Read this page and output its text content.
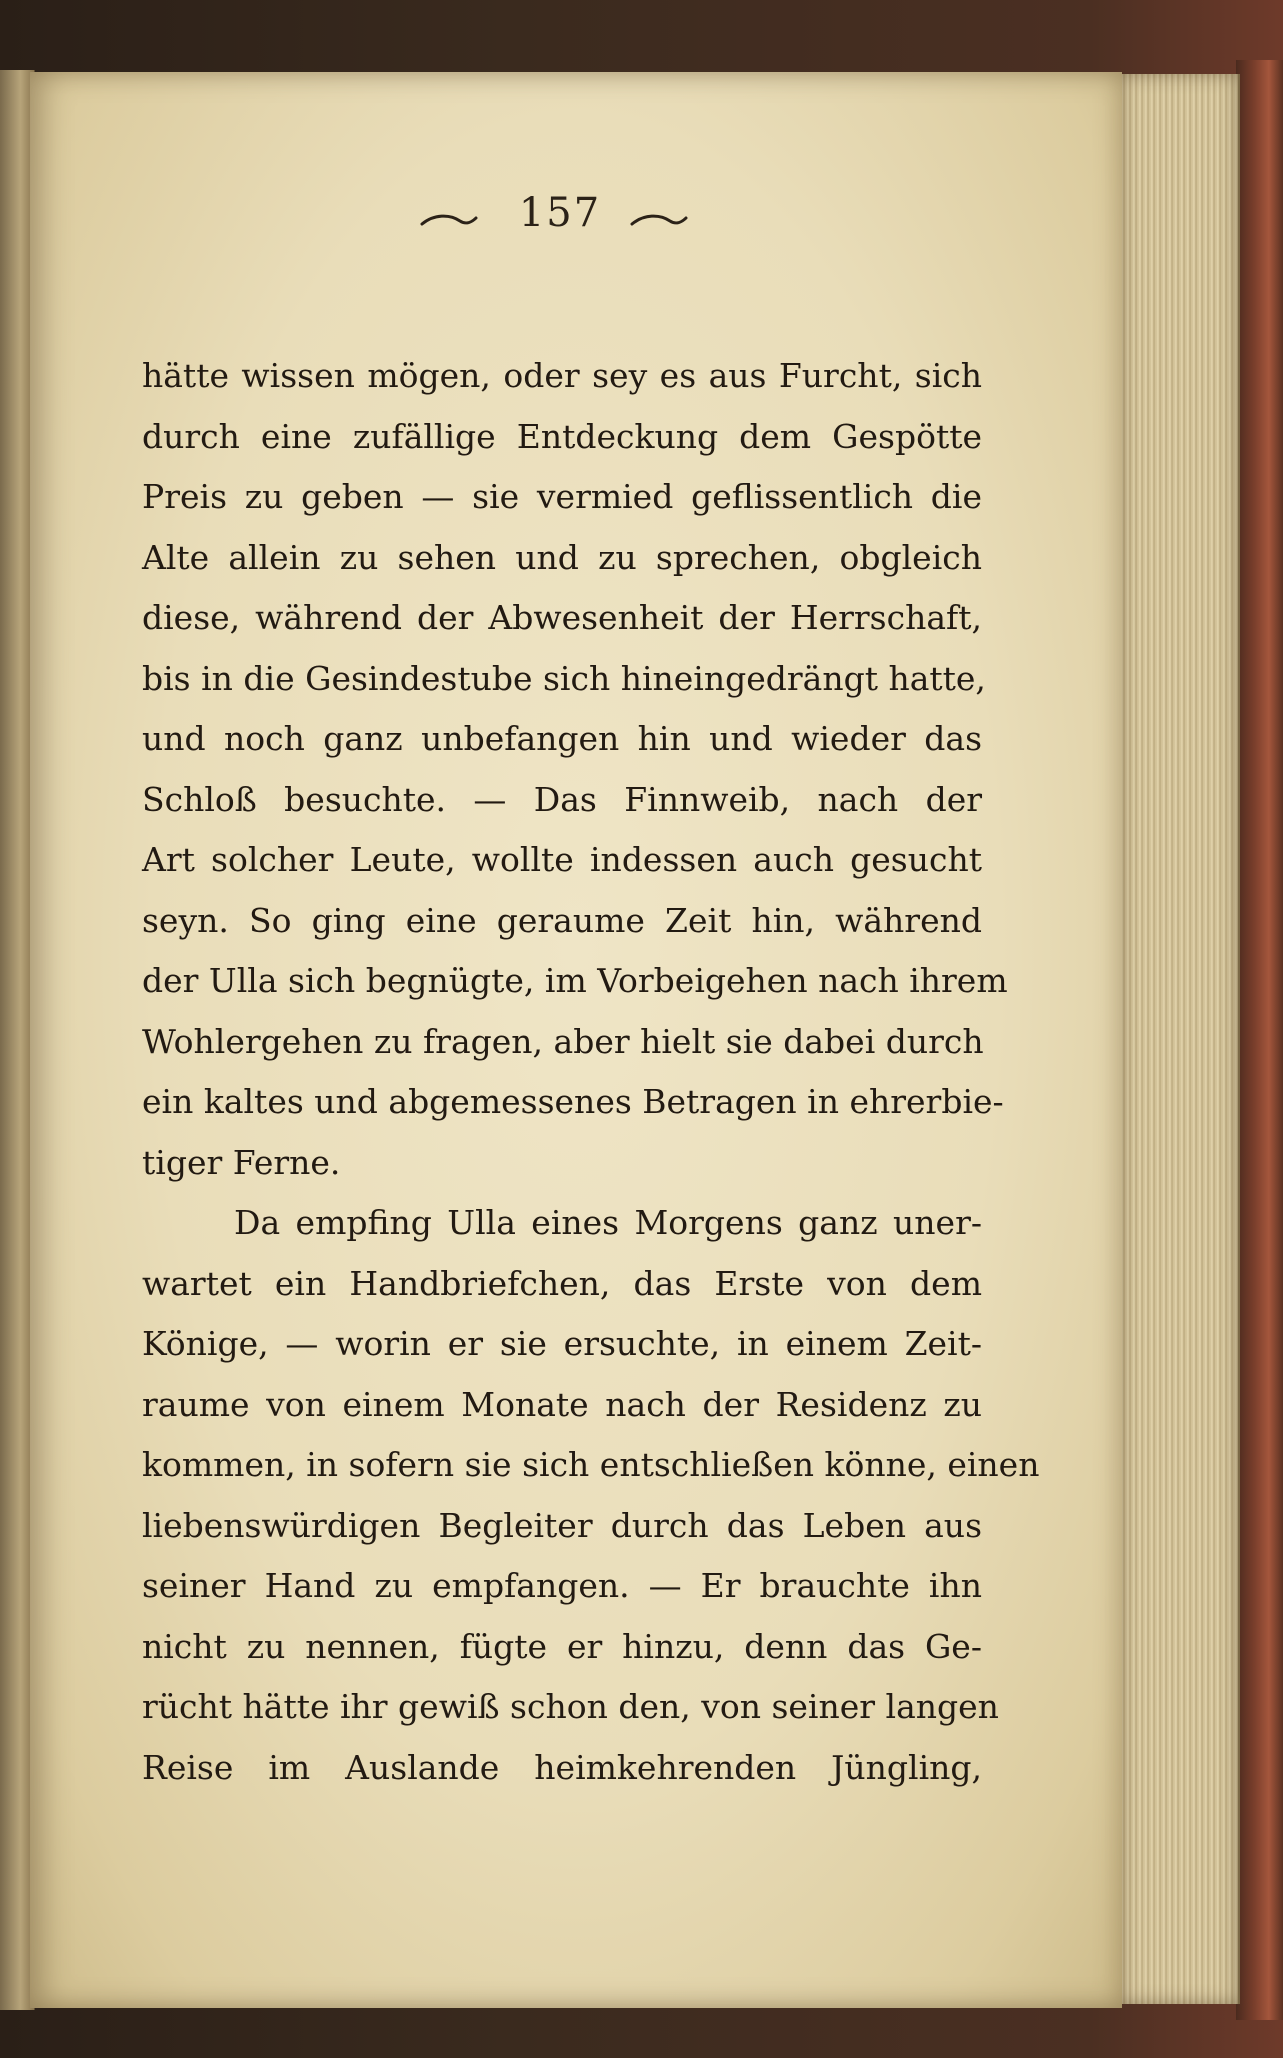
157
hätte wissen mögen, oder sey es aus Furcht, sich
durch eine zufällige Entdeckung dem Gespötte
Preis zu geben — sie vermied geflissentlich die
Alte allein zu sehen und zu sprechen, obgleich
diese, während der Abwesenheit der Herrschaft,
bis in die Gesindestube sich hineingedrängt hatte,
und noch ganz unbefangen hin und wieder das
Schloß besuchte. — Das Finnweib, nach der
Art solcher Leute, wollte indessen auch gesucht
seyn. So ging eine geraume Zeit hin, während
der Ulla sich begnügte, im Vorbeigehen nach ihrem
Wohlergehen zu fragen, aber hielt sie dabei durch
ein kaltes und abgemessenes Betragen in ehrerbie-
tiger Ferne.
Da empfing Ulla eines Morgens ganz uner-
wartet ein Handbriefchen, das Erste von dem
Könige, — worin er sie ersuchte, in einem Zeit-
raume von einem Monate nach der Residenz zu
kommen, in sofern sie sich entschließen könne, einen
liebenswürdigen Begleiter durch das Leben aus
seiner Hand zu empfangen. — Er brauchte ihn
nicht zu nennen, fügte er hinzu, denn das Ge-
rücht hätte ihr gewiß schon den, von seiner langen
Reise im Auslande heimkehrenden Jüngling,
